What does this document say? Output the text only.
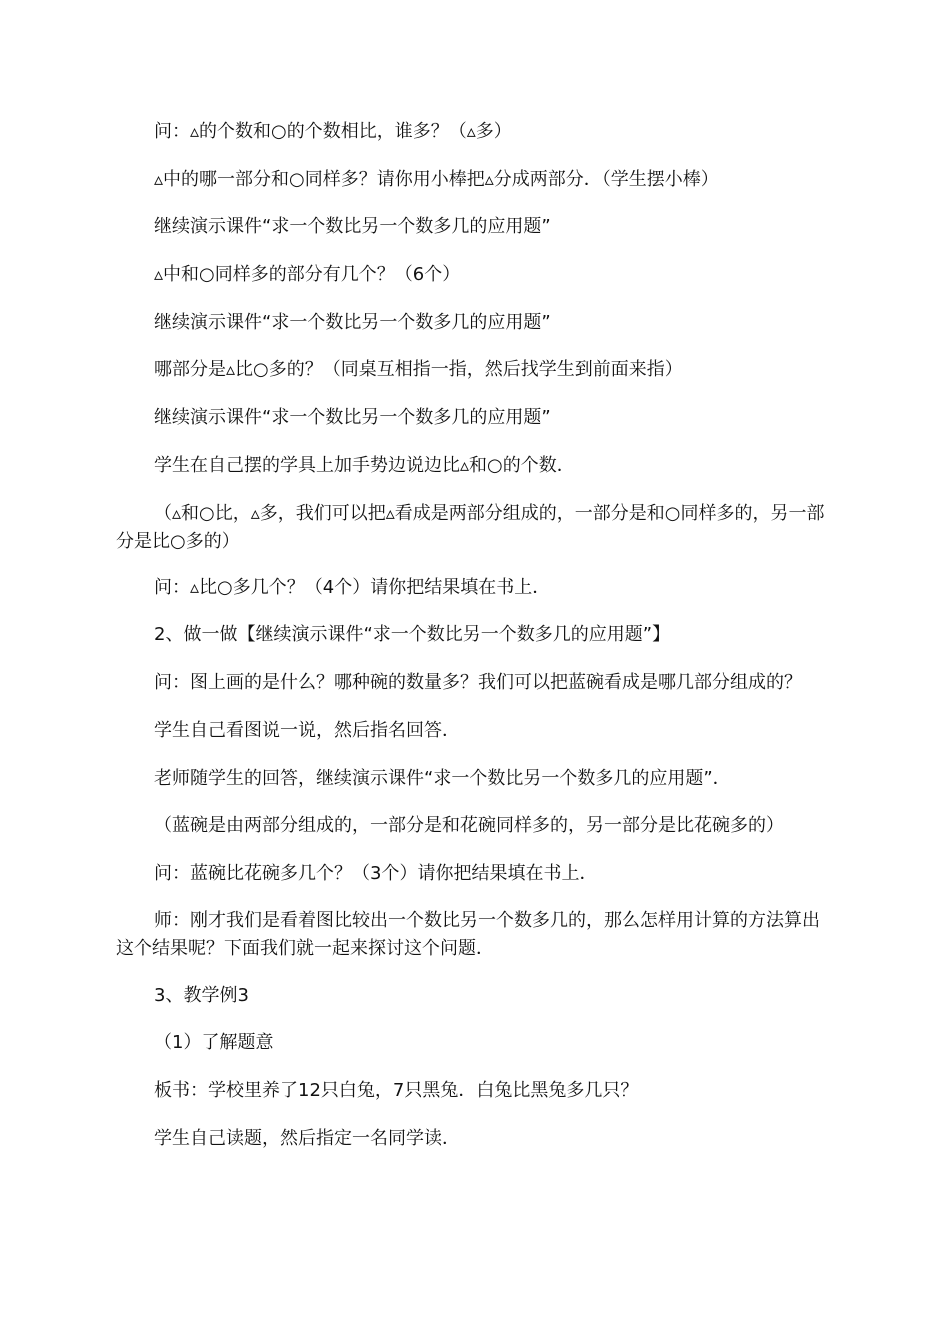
问：▵的个数和○的个数相比，谁多？（▵多）

▵中的哪一部分和○同样多？请你用小棒把▵分成两部分．（学生摆小棒）

继续演示课件“求一个数比另一个数多几的应用题”

▵中和○同样多的部分有几个？（6个）

继续演示课件“求一个数比另一个数多几的应用题”

哪部分是▵比○多的？（同桌互相指一指，然后找学生到前面来指）

继续演示课件“求一个数比另一个数多几的应用题”

学生在自己摆的学具上加手势边说边比▵和○的个数．

（▵和○比，▵多，我们可以把▵看成是两部分组成的，一部分是和○同样多的，另一部分是比○多的）

问：▵比○多几个？（4个）请你把结果填在书上．

2、做一做【继续演示课件“求一个数比另一个数多几的应用题”】

问：图上画的是什么？哪种碗的数量多？我们可以把蓝碗看成是哪几部分组成的？

学生自己看图说一说，然后指名回答．

老师随学生的回答，继续演示课件“求一个数比另一个数多几的应用题”．

（蓝碗是由两部分组成的，一部分是和花碗同样多的，另一部分是比花碗多的）

问：蓝碗比花碗多几个？（3个）请你把结果填在书上．

师：刚才我们是看着图比较出一个数比另一个数多几的，那么怎样用计算的方法算出这个结果呢？下面我们就一起来探讨这个问题．

3、教学例3

（1）了解题意

板书：学校里养了12只白兔，7只黑兔．白兔比黑兔多几只？

学生自己读题，然后指定一名同学读．
